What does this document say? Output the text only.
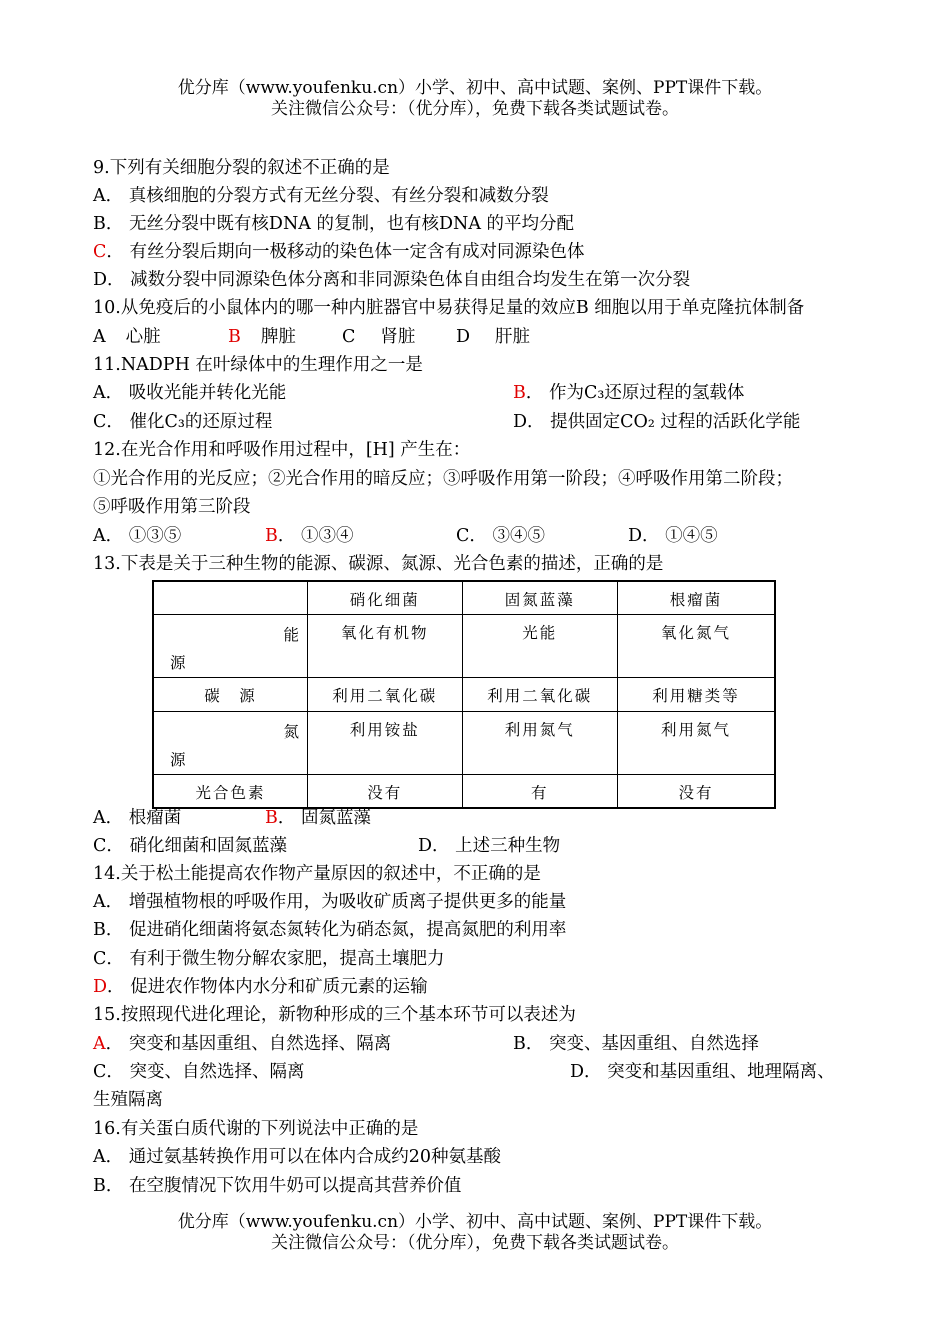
优分库（www.youfenku.cn）小学、初中、高中试题、案例、PPT课件下载。
关注微信公众号：（优分库），免费下载各类试题试卷。
9.下列有关细胞分裂的叙述不正确的是
A． 真核细胞的分裂方式有无丝分裂、有丝分裂和减数分裂
B． 无丝分裂中既有核DNA 的复制，也有核DNA 的平均分配
C． 有丝分裂后期向一极移动的染色体一定含有成对同源染色体
D． 减数分裂中同源染色体分离和非同源染色体自由组合均发生在第一次分裂
10.从免疫后的小鼠体内的哪一种内脏器官中易获得足量的效应B 细胞以用于单克隆抗体制备
A 心脏	B 脾脏	C 肾脏 D 肝脏
11.NADPH 在叶绿体中的生理作用之一是
A． 吸收光能并转化光能	B． 作为C₃还原过程的氢载体
C． 催化C₃的还原过程	D． 提供固定CO₂ 过程的活跃化学能
12.在光合作用和呼吸作用过程中，[H] 产生在：
①光合作用的光反应；②光合作用的暗反应；③呼吸作用第一阶段；④呼吸作用第二阶段；
⑤呼吸作用第三阶段
A． ①③⑤	B． ①③④	C． ③④⑤	D． ①④⑤
13.下表是关于三种生物的能源、碳源、氮源、光合色素的描述，正确的是
	硝化细菌	固氮蓝藻	根瘤菌

能
源	氧化有机物	光能	氧化氮气
碳　源	利用二氧化碳	利用二氧化碳	利用糖类等

氮
源	利用铵盐	利用氮气	利用氮气
光合色素	没有	有	没有
A． 根瘤菌	B． 固氮蓝藻
C． 硝化细菌和固氮蓝藻	D． 上述三种生物
14.关于松土能提高农作物产量原因的叙述中，不正确的是
A． 增强植物根的呼吸作用，为吸收矿质离子提供更多的能量
B． 促进硝化细菌将氨态氮转化为硝态氮，提高氮肥的利用率
C． 有利于微生物分解农家肥，提高土壤肥力
D． 促进农作物体内水分和矿质元素的运输
15.按照现代进化理论，新物种形成的三个基本环节可以表述为
A． 突变和基因重组、自然选择、隔离	B． 突变、基因重组、自然选择
C． 突变、自然选择、隔离	D． 突变和基因重组、地理隔离、
生殖隔离
16.有关蛋白质代谢的下列说法中正确的是
A． 通过氨基转换作用可以在体内合成约20种氨基酸
B． 在空腹情况下饮用牛奶可以提高其营养价值
优分库（www.youfenku.cn）小学、初中、高中试题、案例、PPT课件下载。
关注微信公众号：（优分库），免费下载各类试题试卷。
